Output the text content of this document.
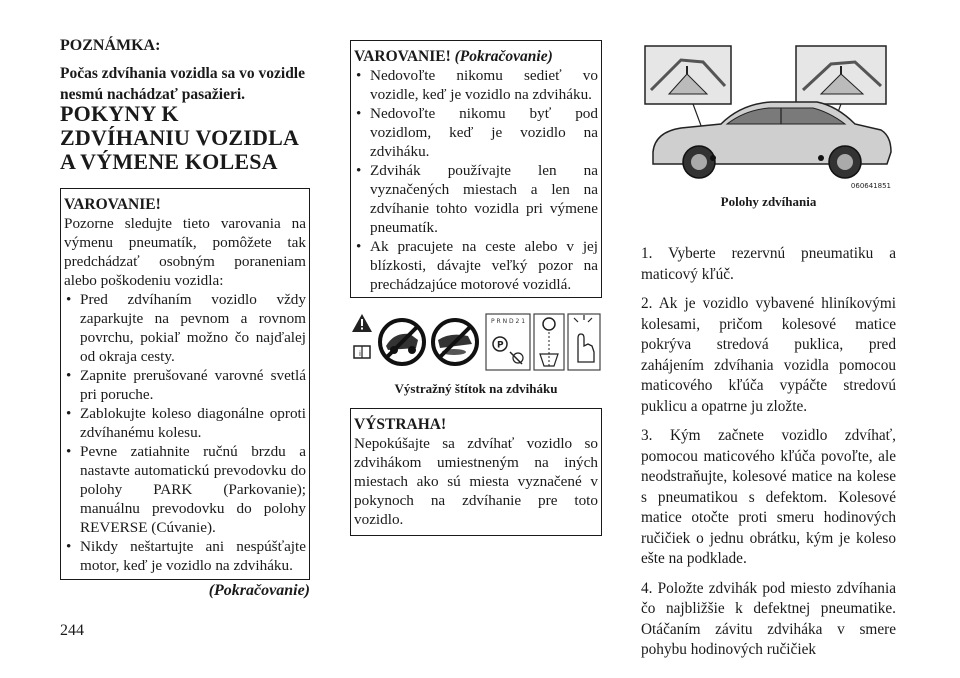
POZNÁMKA:
Počas zdvíhania vozidla sa vo vozidle nesmú nachádzať pasažieri.
POKYNY K ZDVÍHANIU VOZIDLA A VÝMENE KOLESA
VAROVANIE!

Pozorne sledujte tieto varovania na výmenu pneumatík, pomôžete tak predchádzať osobným poraneniam alebo poškodeniu vozidla:

• Pred zdvíhaním vozidlo vždy zaparkujte na pevnom a rovnom povrchu, pokiaľ možno čo najďalej od okraja cesty.
• Zapnite prerušované varovné svetlá pri poruche.
• Zablokujte koleso diagonálne oproti zdvíhanému kolesu.
• Pevne zatiahnite ručnú brzdu a nastavte automatickú prevodovku do polohy PARK (Parkovanie); manuálnu prevodovku do polohy REVERSE (Cúvanie).
• Nikdy neštartujte ani nespúšťajte motor, keď je vozidlo na zdviháku.
(Pokračovanie)
VAROVANIE! (Pokračovanie)
• Nedovoľte nikomu sedieť vo vozidle, keď je vozidlo na zdviháku.
• Nedovoľte nikomu byť pod vozidlom, keď je vozidlo na zdviháku.
• Zdvihák používajte len na vyznačených miestach a len na zdvíhanie tohto vozidla pri výmene pneumatík.
• Ak pracujete na ceste alebo v jej blízkosti, dávajte veľký pozor na prechádzajúce motorové vozidlá.
i
P R N D 2 1
P
Výstražný štítok na zdviháku
VÝSTRAHA!

Nepokúšajte sa zdvíhať vozidlo so zdvihákom umiestneným na iných miestach ako sú miesta vyznačené v pokynoch na zdvíhanie pre toto vozidlo.

060641851
Polohy zdvíhania

1. Vyberte rezervnú pneumatiku a maticový kľúč.

2. Ak je vozidlo vybavené hliníkovými kolesami, pričom kolesové matice pokrýva stredová puklica, pred zahájením zdvíhania vozidla pomocou maticového kľúča vypáčte stredovú puklicu a opatrne ju zložte.

3. Kým začnete vozidlo zdvíhať, pomocou maticového kľúča povoľte, ale neodstraňujte, kolesové matice na kolese s pneumatikou s defektom. Kolesové matice otočte proti smeru hodinových ručičiek o jednu obrátku, kým je koleso ešte na podklade.

4. Položte zdvihák pod miesto zdvíhania čo najbližšie k defektnej pneumatike. Otáčaním závitu zdviháka v smere pohybu hodinových ručičiek

244
